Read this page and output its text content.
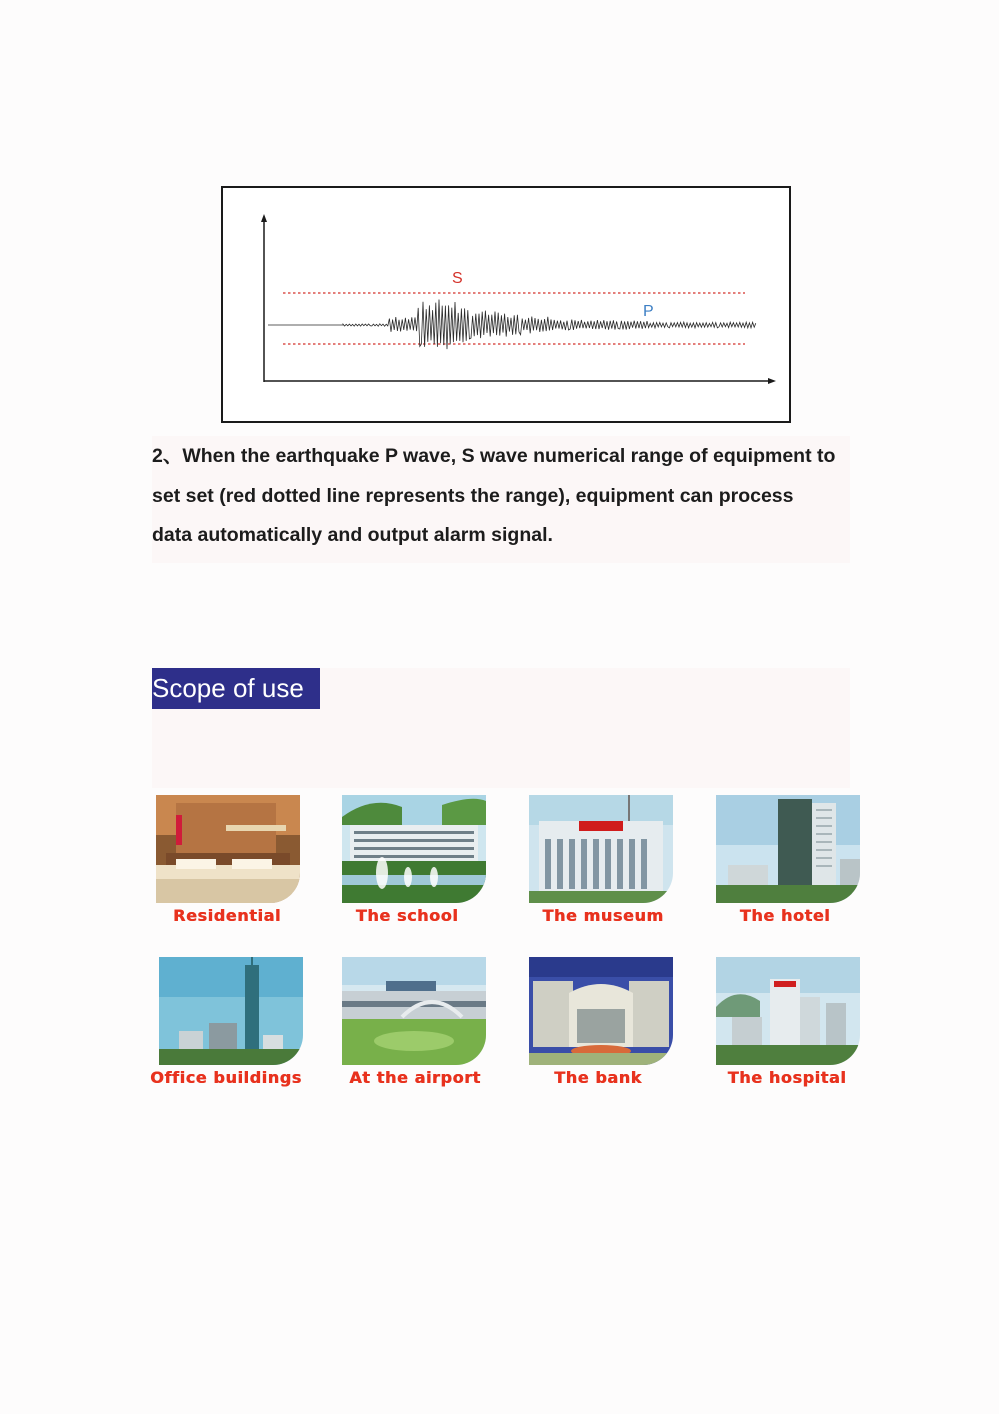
S
P
2、When the earthquake P wave, S wave numerical range of equipment to
set set (red dotted line represents the range), equipment can process
data automatically and output alarm signal.
Scope of use
Residential	The school	The museum	The hotel
Office buildings	At the airport	The bank	The hospital
